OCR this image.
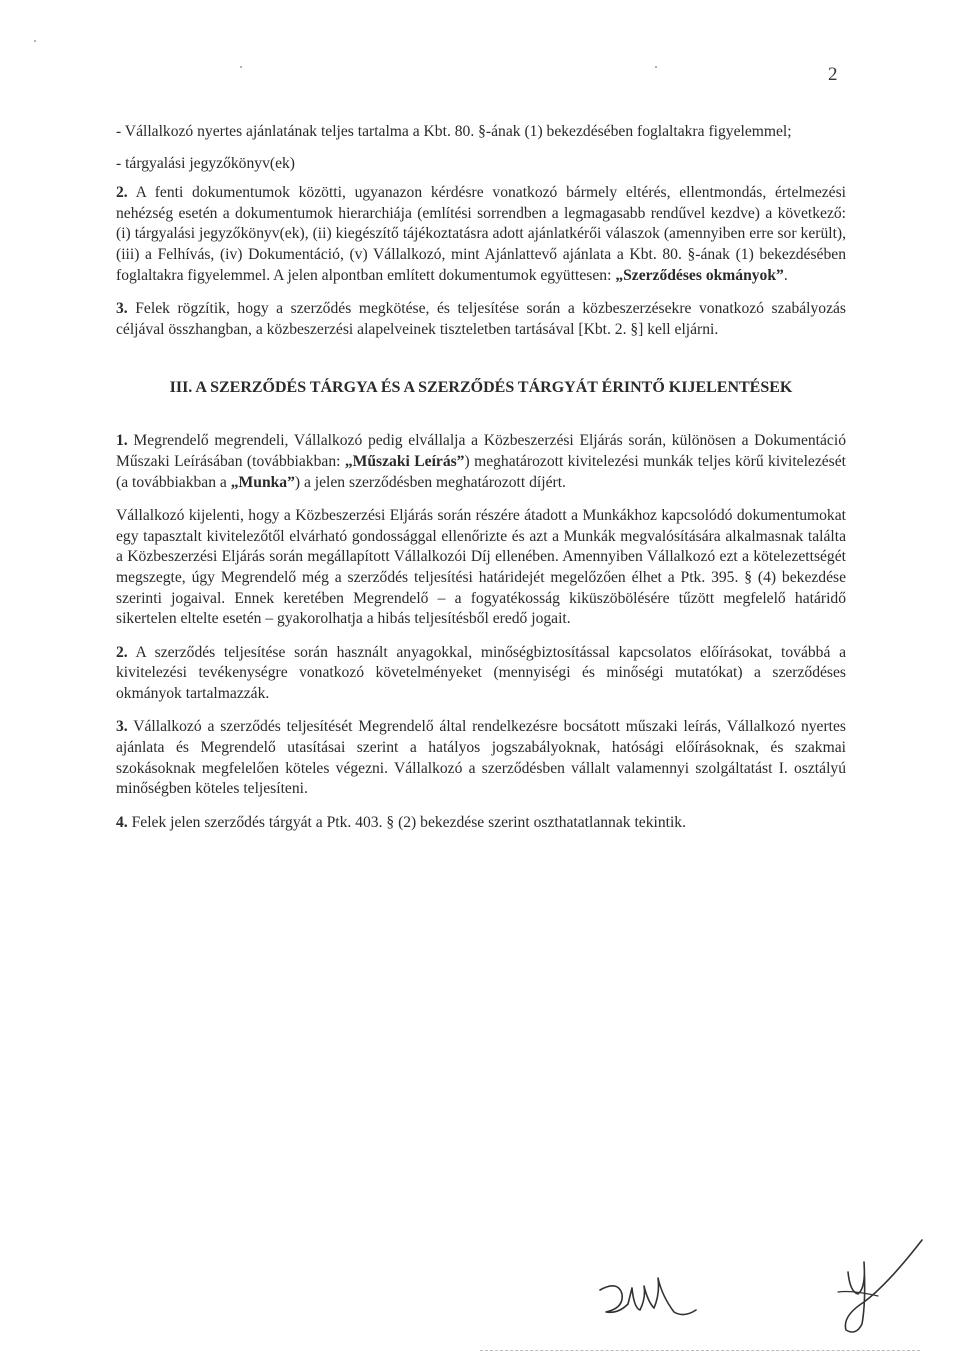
2

- Vállalkozó nyertes ajánlatának teljes tartalma a Kbt. 80. §-ának (1) bekezdésében foglaltakra figyelemmel;

- tárgyalási jegyzőkönyv(ek)

2. A fenti dokumentumok közötti, ugyanazon kérdésre vonatkozó bármely eltérés, ellentmondás, értelmezési nehézség esetén a dokumentumok hierarchiája (említési sorrendben a legmagasabb rendűvel kezdve) a következő: (i) tárgyalási jegyzőkönyv(ek), (ii) kiegészítő tájékoztatásra adott ajánlatkérői válaszok (amennyiben erre sor került), (iii) a Felhívás, (iv) Dokumentáció, (v) Vállalkozó, mint Ajánlattevő ajánlata a Kbt. 80. §-ának (1) bekezdésében foglaltakra figyelemmel. A jelen alpontban említett dokumentumok együttesen: „Szerződéses okmányok”.

3. Felek rögzítik, hogy a szerződés megkötése, és teljesítése során a közbeszerzésekre vonatkozó szabályozás céljával összhangban, a közbeszerzési alapelveinek tiszteletben tartásával [Kbt. 2. §] kell eljárni.

III. A SZERZŐDÉS TÁRGYA ÉS A SZERZŐDÉS TÁRGYÁT ÉRINTŐ KIJELENTÉSEK

1. Megrendelő megrendeli, Vállalkozó pedig elvállalja a Közbeszerzési Eljárás során, különösen a Dokumentáció Műszaki Leírásában (továbbiakban: „Műszaki Leírás”) meghatározott kivitelezési munkák teljes körű kivitelezését (a továbbiakban a „Munka”) a jelen szerződésben meghatározott díjért.

Vállalkozó kijelenti, hogy a Közbeszerzési Eljárás során részére átadott a Munkákhoz kapcsolódó dokumentumokat egy tapasztalt kivitelezőtől elvárható gondossággal ellenőrizte és azt a Munkák megvalósítására alkalmasnak találta a Közbeszerzési Eljárás során megállapított Vállalkozói Díj ellenében. Amennyiben Vállalkozó ezt a kötelezettségét megszegte, úgy Megrendelő még a szerződés teljesítési határidejét megelőzően élhet a Ptk. 395. § (4) bekezdése szerinti jogaival. Ennek keretében Megrendelő – a fogyatékosság kiküszöbölésére tűzött megfelelő határidő sikertelen eltelte esetén – gyakorolhatja a hibás teljesítésből eredő jogait.

2. A szerződés teljesítése során használt anyagokkal, minőségbiztosítással kapcsolatos előírásokat, továbbá a kivitelezési tevékenységre vonatkozó követelményeket (mennyiségi és minőségi mutatókat) a szerződéses okmányok tartalmazzák.

3. Vállalkozó a szerződés teljesítését Megrendelő által rendelkezésre bocsátott műszaki leírás, Vállalkozó nyertes ajánlata és Megrendelő utasításai szerint a hatályos jogszabályoknak, hatósági előírásoknak, és szakmai szokásoknak megfelelően köteles végezni. Vállalkozó a szerződésben vállalt valamennyi szolgáltatást I. osztályú minőségben köteles teljesíteni.

4. Felek jelen szerződés tárgyát a Ptk. 403. § (2) bekezdése szerint oszthatatlannak tekintik.
